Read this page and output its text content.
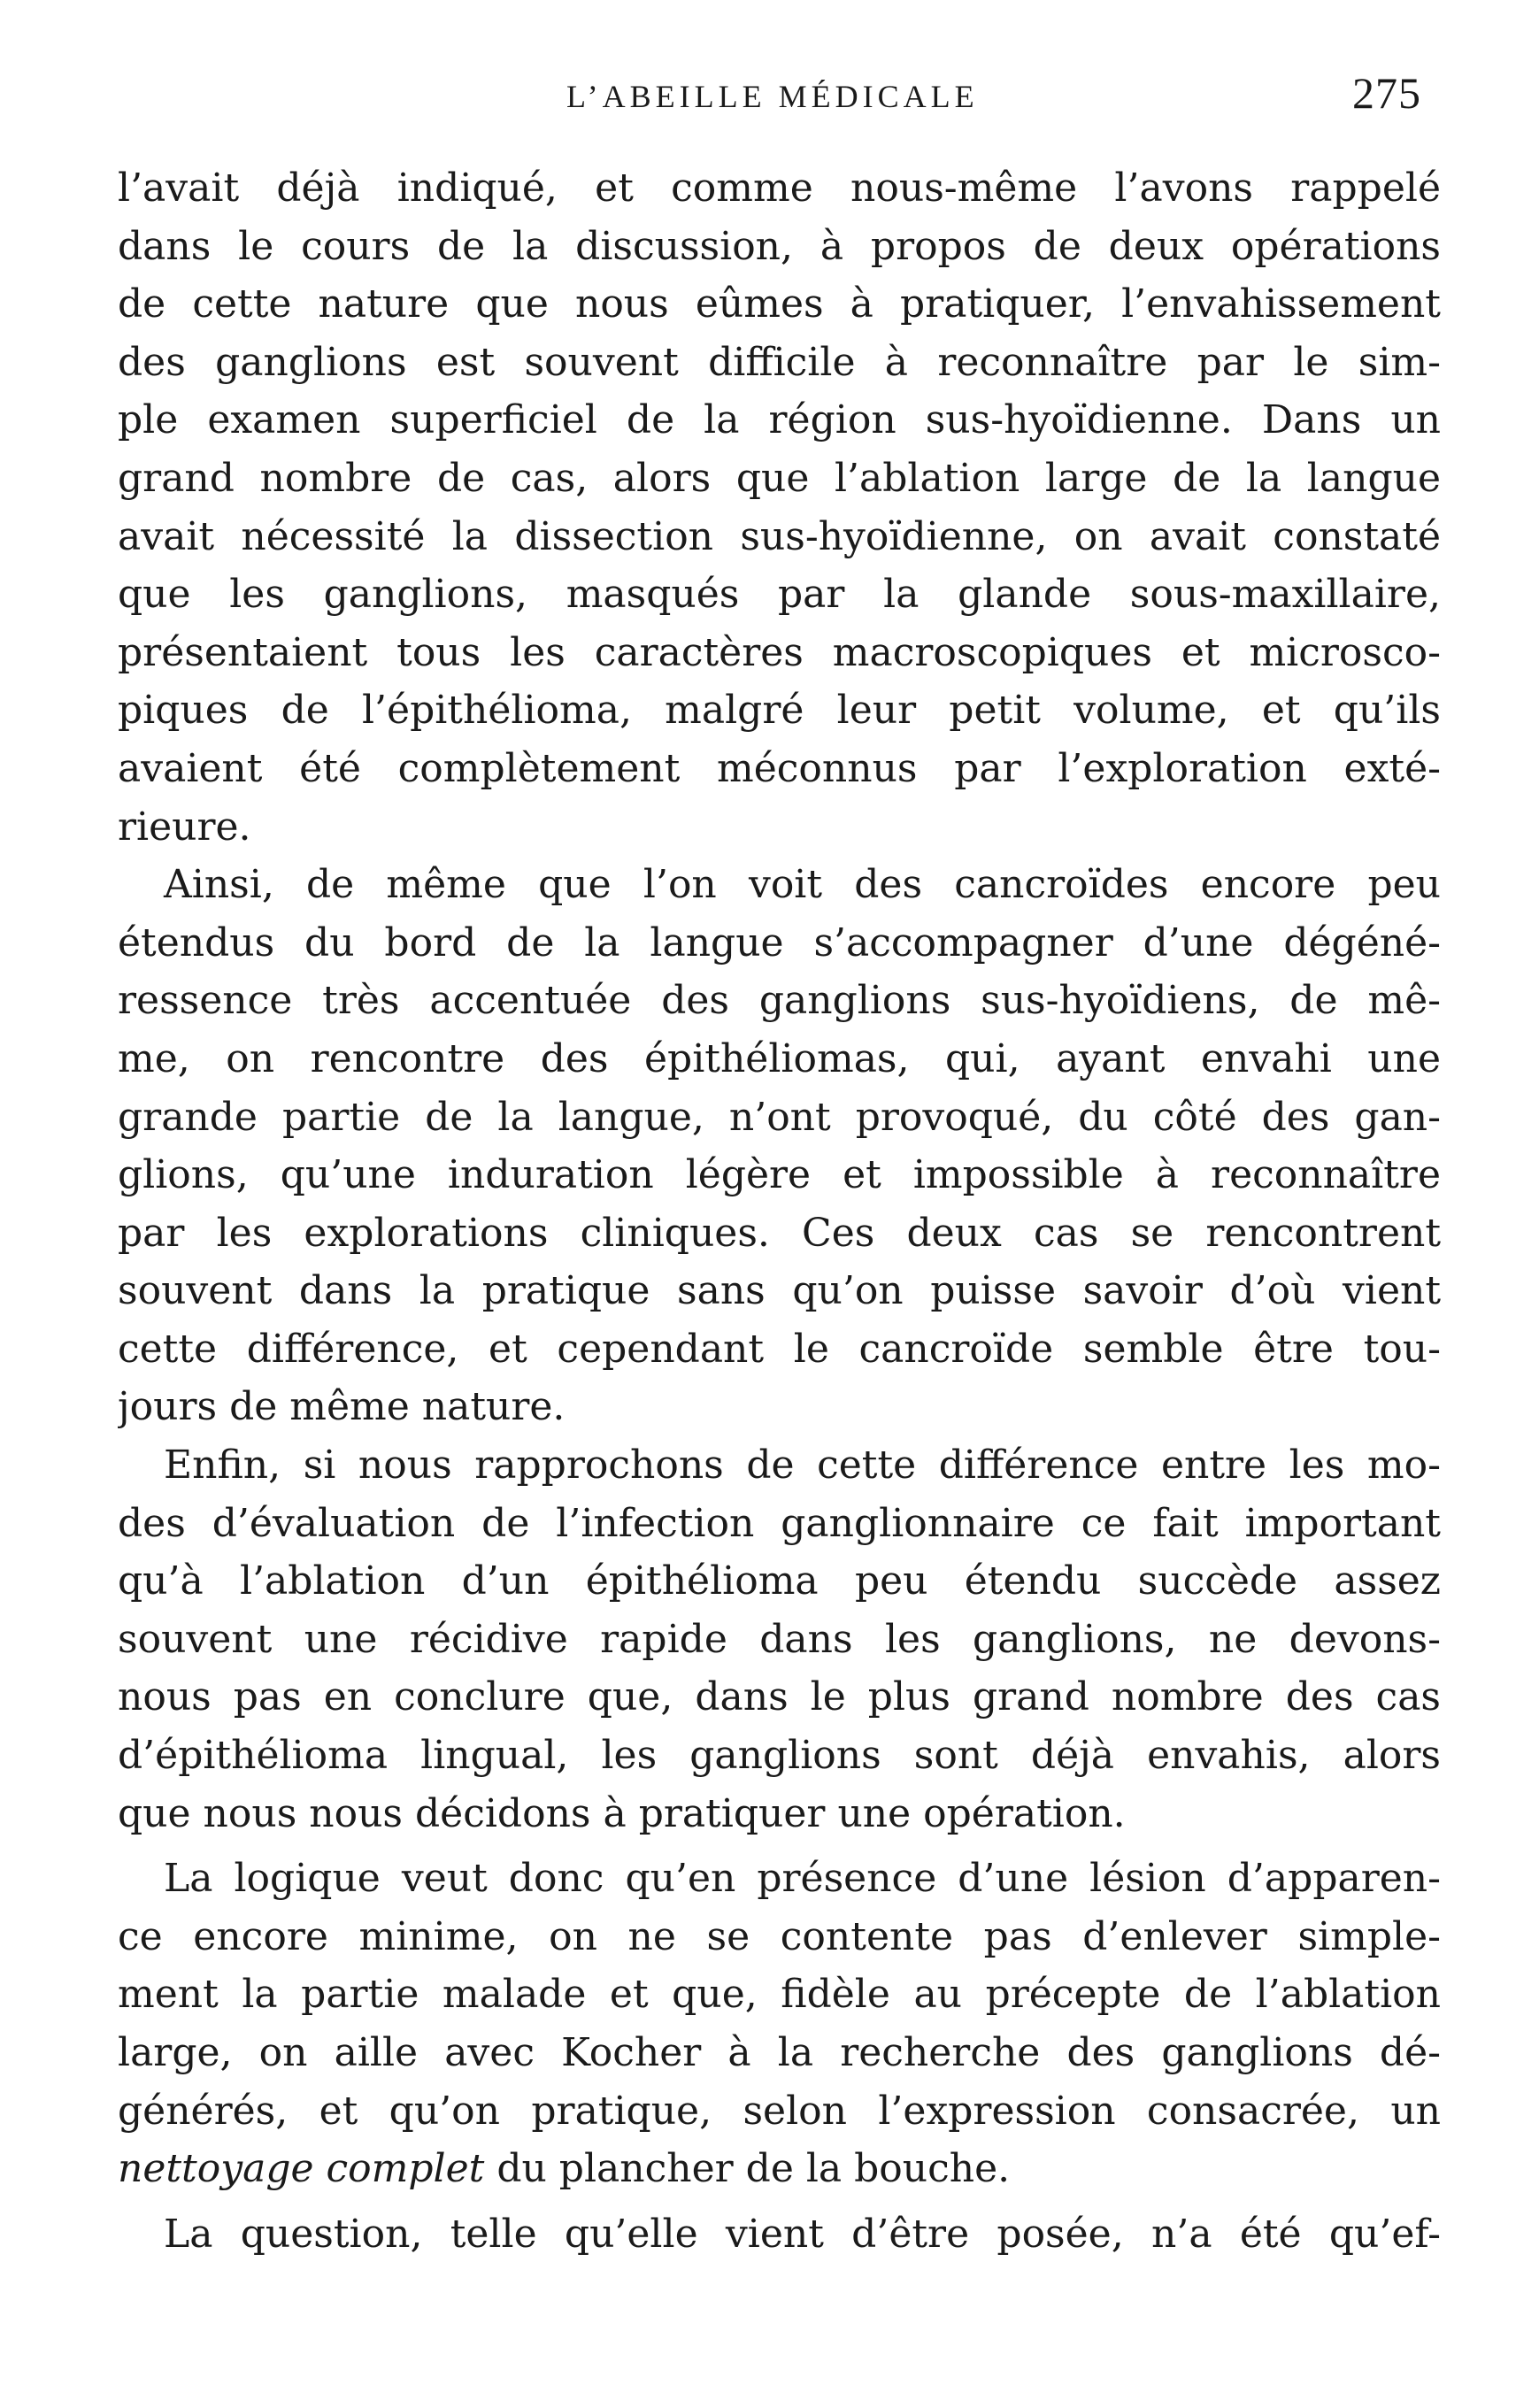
L’ABEILLE MÉDICALE	275
l’avait déjà indiqué, et comme nous-même l’avons rappelé
dans le cours de la discussion, à propos de deux opérations
de cette nature que nous eûmes à pratiquer, l’envahissement
des ganglions est souvent difficile à reconnaître par le sim-
ple examen superficiel de la région sus-hyoïdienne. Dans un
grand nombre de cas, alors que l’ablation large de la langue
avait nécessité la dissection sus-hyoïdienne, on avait constaté
que les ganglions, masqués par la glande sous-maxillaire,
présentaient tous les caractères macroscopiques et microsco-
piques de l’épithélioma, malgré leur petit volume, et qu’ils
avaient été complètement méconnus par l’exploration exté-
rieure.
Ainsi, de même que l’on voit des cancroïdes encore peu
étendus du bord de la langue s’accompagner d’une dégéné-
ressence très accentuée des ganglions sus-hyoïdiens, de mê-
me, on rencontre des épithéliomas, qui, ayant envahi une
grande partie de la langue, n’ont provoqué, du côté des gan-
glions, qu’une induration légère et impossible à reconnaître
par les explorations cliniques. Ces deux cas se rencontrent
souvent dans la pratique sans qu’on puisse savoir d’où vient
cette différence, et cependant le cancroïde semble être tou-
jours de même nature.
Enfin, si nous rapprochons de cette différence entre les mo-
des d’évaluation de l’infection ganglionnaire ce fait important
qu’à l’ablation d’un épithélioma peu étendu succède assez
souvent une récidive rapide dans les ganglions, ne devons-
nous pas en conclure que, dans le plus grand nombre des cas
d’épithélioma lingual, les ganglions sont déjà envahis, alors
que nous nous décidons à pratiquer une opération.
La logique veut donc qu’en présence d’une lésion d’apparen-
ce encore minime, on ne se contente pas d’enlever simple-
ment la partie malade et que, fidèle au précepte de l’ablation
large, on aille avec Kocher à la recherche des ganglions dé-
générés, et qu’on pratique, selon l’expression consacrée, un
nettoyage complet du plancher de la bouche.
La question, telle qu’elle vient d’être posée, n’a été qu’ef-
